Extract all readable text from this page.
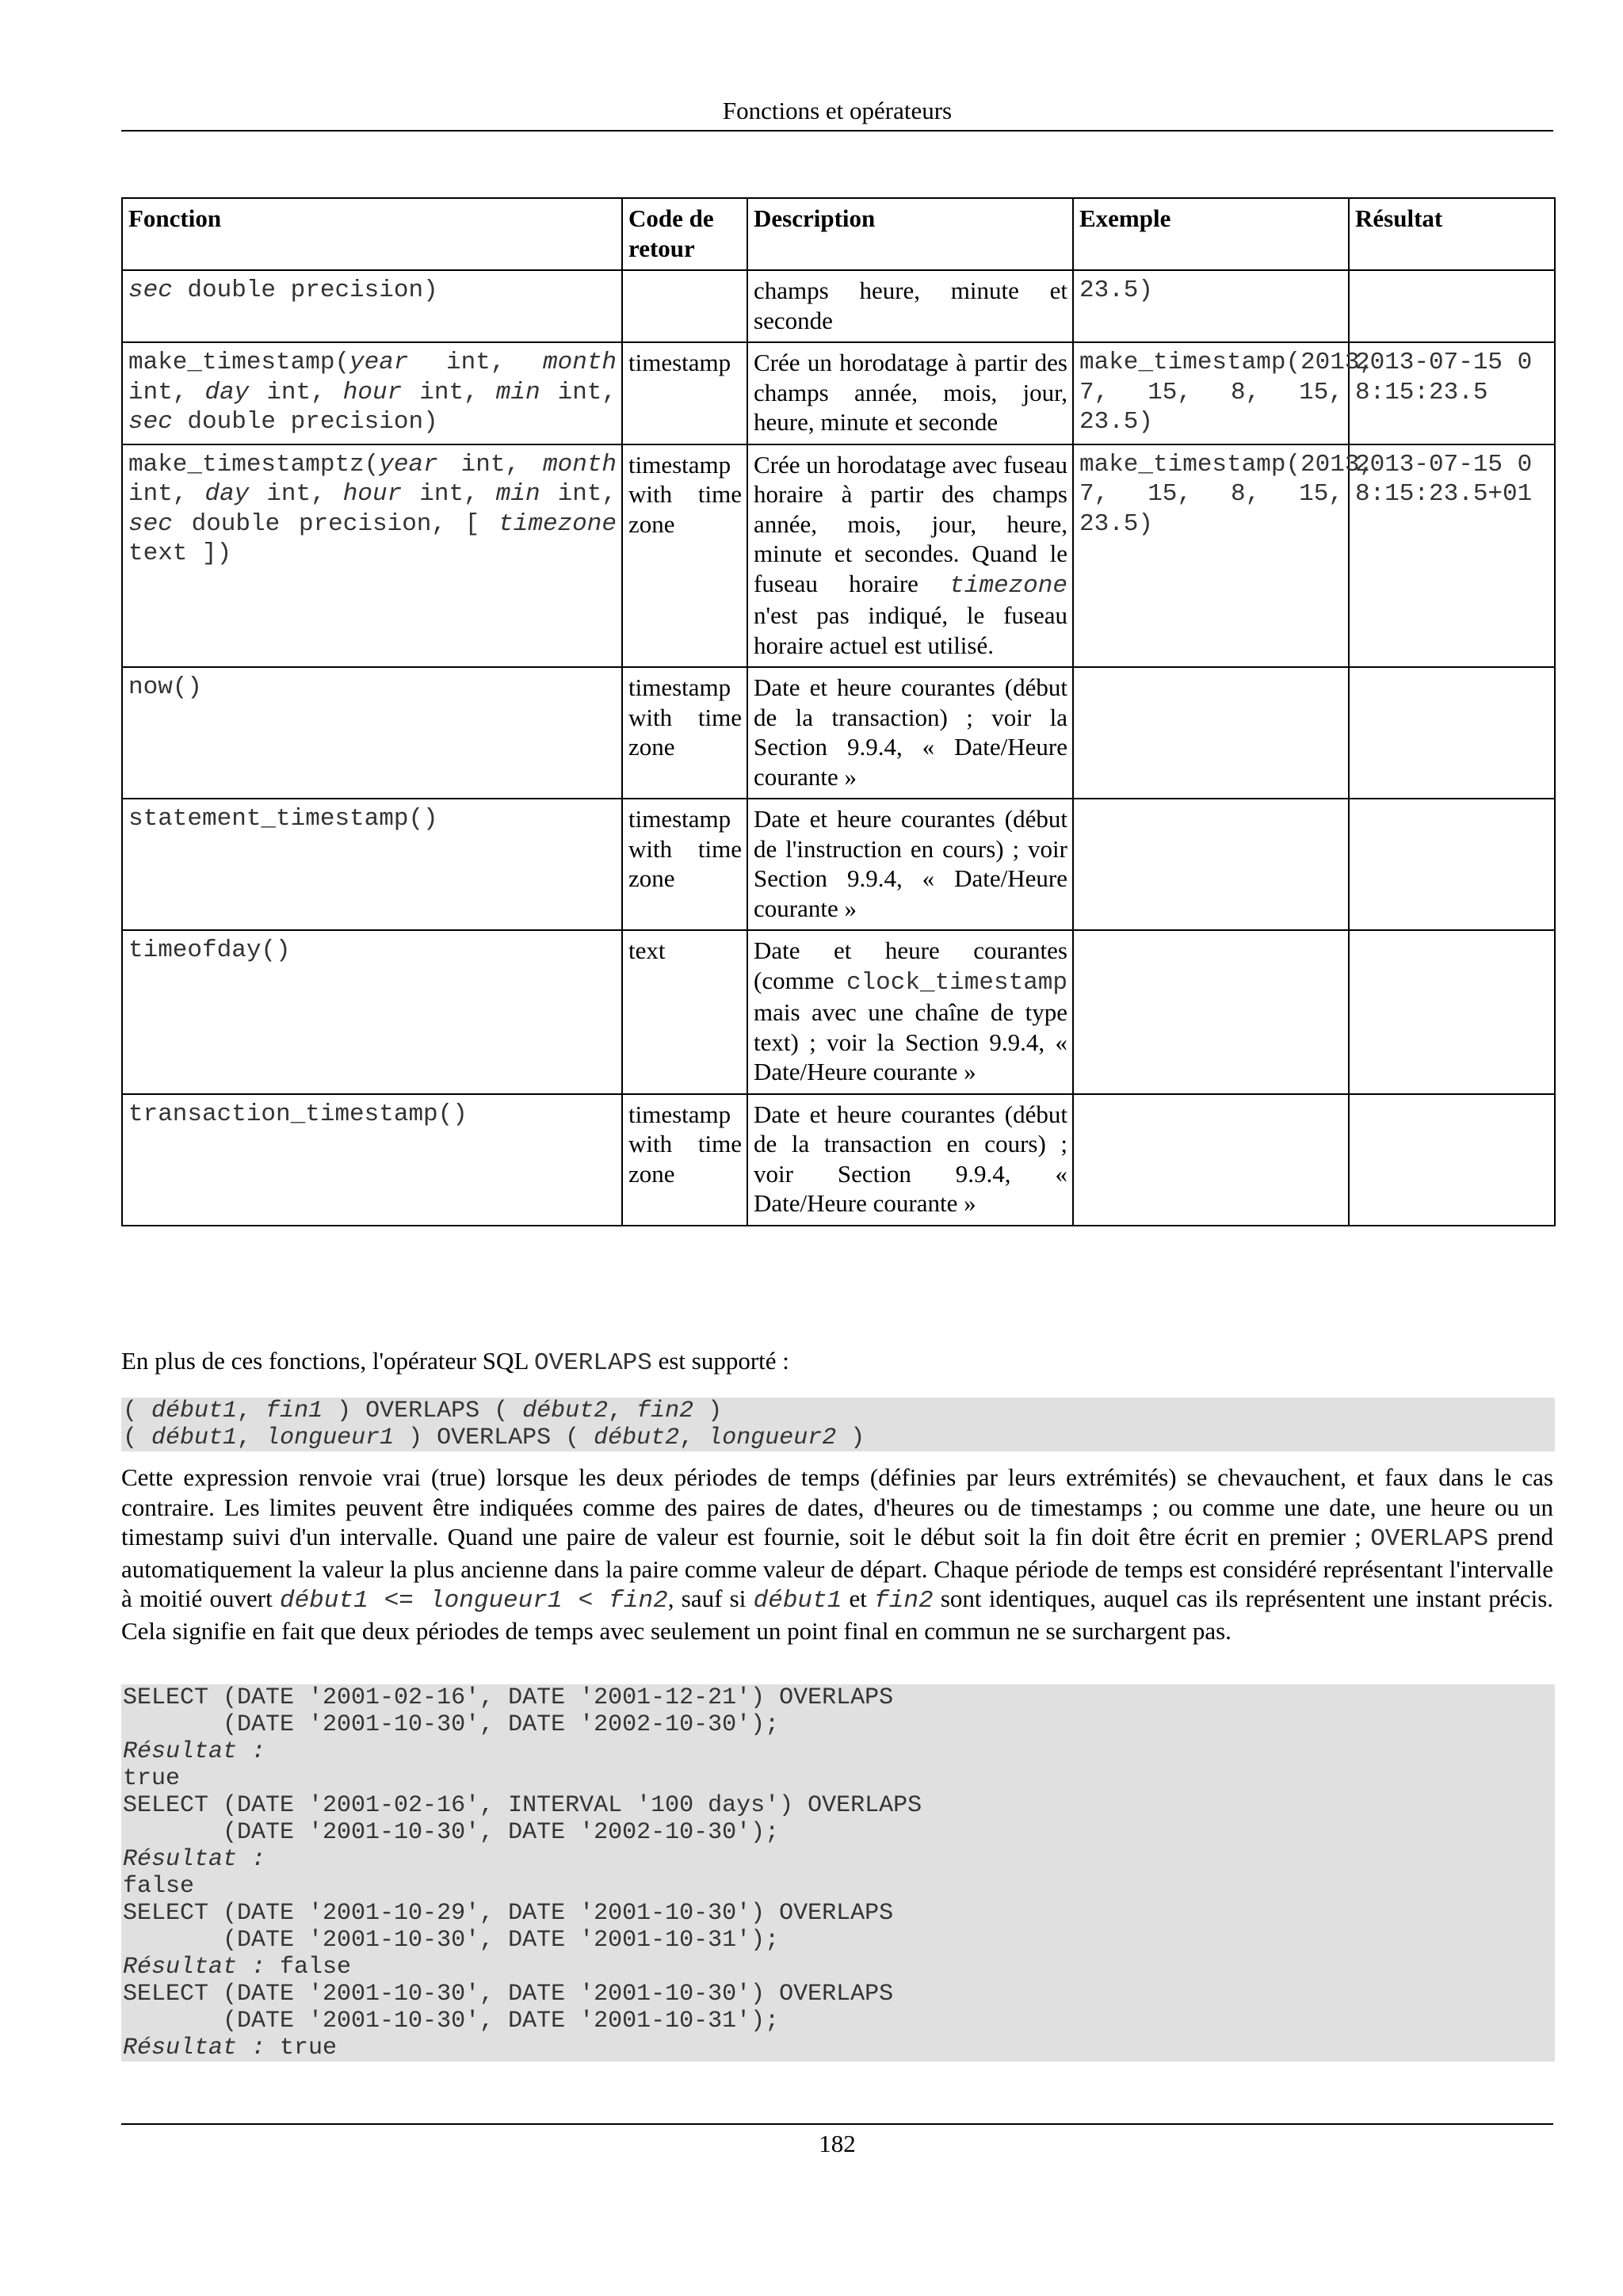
Fonctions et opérateurs
Fonction	Code de retour	Description	Exemple	Résultat
sec double precision)		champs heure, minute et seconde	23.5)	
make_timestamp(year int, month int, day int, hour int, min int, sec double precision)	timestamp	Crée un horodatage à partir des champs année, mois, jour, heure, minute et seconde	make_timestamp(2013, 7, 15, 8, 15, 23.5)	2013-07-15 08:15:23.5
make_timestamptz(year int, month int, day int, hour int, min int, sec double precision, [ timezone text ])	timestamp with time zone	Crée un horodatage avec fuseau horaire à partir des champs année, mois, jour, heure, minute et secondes. Quand le fuseau horaire timezone n'est pas indiqué, le fuseau horaire actuel est utilisé.	make_timestamp(2013, 7, 15, 8, 15, 23.5)	2013-07-15 08:15:23.5+01
now()	timestamp with time zone	Date et heure courantes (début de la transaction) ; voir la Section 9.9.4, « Date/Heure courante »		
statement_timestamp()	timestamp with time zone	Date et heure courantes (début de l'instruction en cours) ; voir Section 9.9.4, « Date/Heure courante »		
timeofday()	text	Date et heure courantes (comme clock_timestamp mais avec une chaîne de type text) ; voir la Section 9.9.4, « Date/Heure courante »		
transaction_timestamp()	timestamp with time zone	Date et heure courantes (début de la transaction en cours) ; voir Section 9.9.4, « Date/Heure courante »		
En plus de ces fonctions, l'opérateur SQL OVERLAPS est supporté :
( début1, fin1 ) OVERLAPS ( début2, fin2 )
( début1, longueur1 ) OVERLAPS ( début2, longueur2 )
Cette expression renvoie vrai (true) lorsque les deux périodes de temps (définies par leurs extrémités) se chevauchent, et faux dans le cas contraire. Les limites peuvent être indiquées comme des paires de dates, d'heures ou de timestamps ; ou comme une date, une heure ou un timestamp suivi d'un intervalle. Quand une paire de valeur est fournie, soit le début soit la fin doit être écrit en premier ; OVERLAPS prend automatiquement la valeur la plus ancienne dans la paire comme valeur de départ. Chaque période de temps est considéré représentant l'intervalle à moitié ouvert début1 <= longueur1 < fin2, sauf si début1 et fin2 sont identiques, auquel cas ils représentent une instant précis. Cela signifie en fait que deux périodes de temps avec seulement un point final en commun ne se surchargent pas.
SELECT (DATE '2001-02-16', DATE '2001-12-21') OVERLAPS
(DATE '2001-10-30', DATE '2002-10-30');
Résultat :
true
SELECT (DATE '2001-02-16', INTERVAL '100 days') OVERLAPS
(DATE '2001-10-30', DATE '2002-10-30');
Résultat :
false
SELECT (DATE '2001-10-29', DATE '2001-10-30') OVERLAPS
(DATE '2001-10-30', DATE '2001-10-31');
Résultat : false
SELECT (DATE '2001-10-30', DATE '2001-10-30') OVERLAPS
(DATE '2001-10-30', DATE '2001-10-31');
Résultat : true
182
